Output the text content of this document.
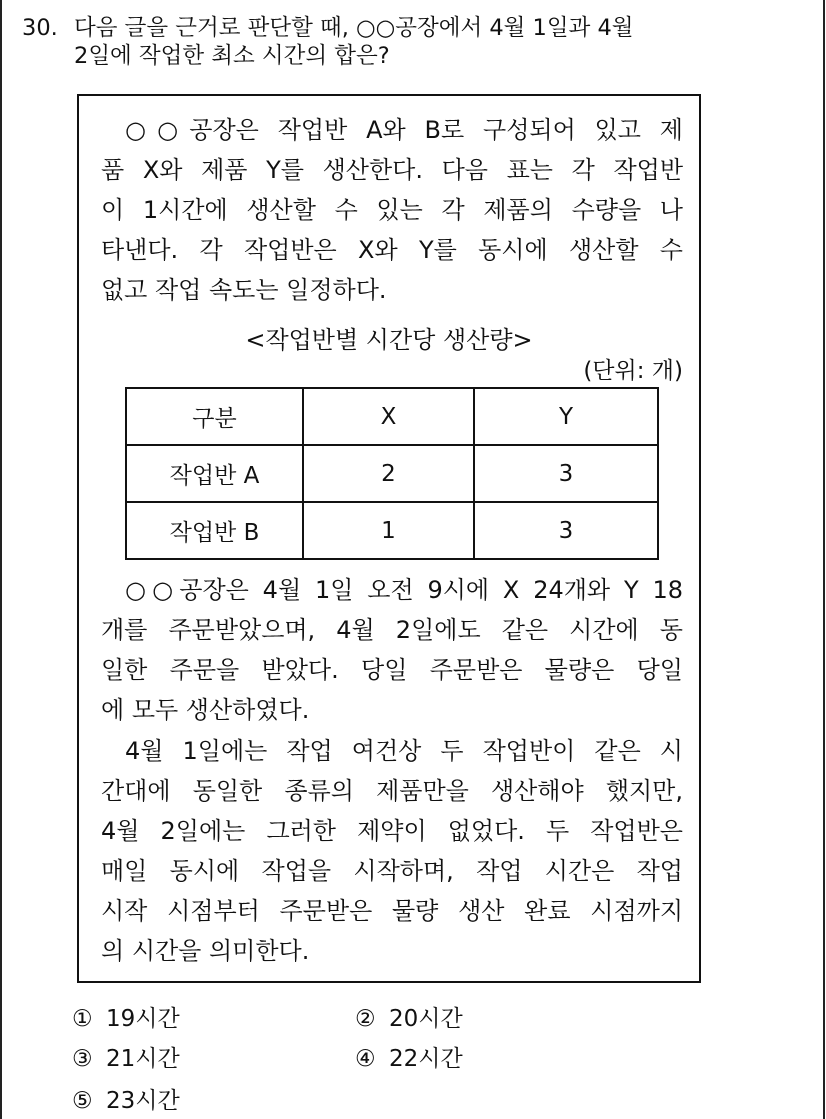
30. 다음 글을 근거로 판단할 때, ○○공장에서 4월 1일과 4월
2일에 작업한 최소 시간의 합은?
○○공장은 작업반 A와 B로 구성되어 있고 제
품 X와 제품 Y를 생산한다. 다음 표는 각 작업반
이 1시간에 생산할 수 있는 각 제품의 수량을 나
타낸다. 각 작업반은 X와 Y를 동시에 생산할 수
없고 작업 속도는 일정하다.
<작업반별 시간당 생산량>
(단위: 개)
구분	X	Y
작업반 A	2	3
작업반 B	1	3
○○공장은 4월 1일 오전 9시에 X 24개와 Y 18
개를 주문받았으며, 4월 2일에도 같은 시간에 동
일한 주문을 받았다. 당일 주문받은 물량은 당일
에 모두 생산하였다.
4월 1일에는 작업 여건상 두 작업반이 같은 시
간대에 동일한 종류의 제품만을 생산해야 했지만,
4월 2일에는 그러한 제약이 없었다. 두 작업반은
매일 동시에 작업을 시작하며, 작업 시간은 작업
시작 시점부터 주문받은 물량 생산 완료 시점까지
의 시간을 의미한다.
① 19시간	② 20시간
③ 21시간	④ 22시간
⑤ 23시간
